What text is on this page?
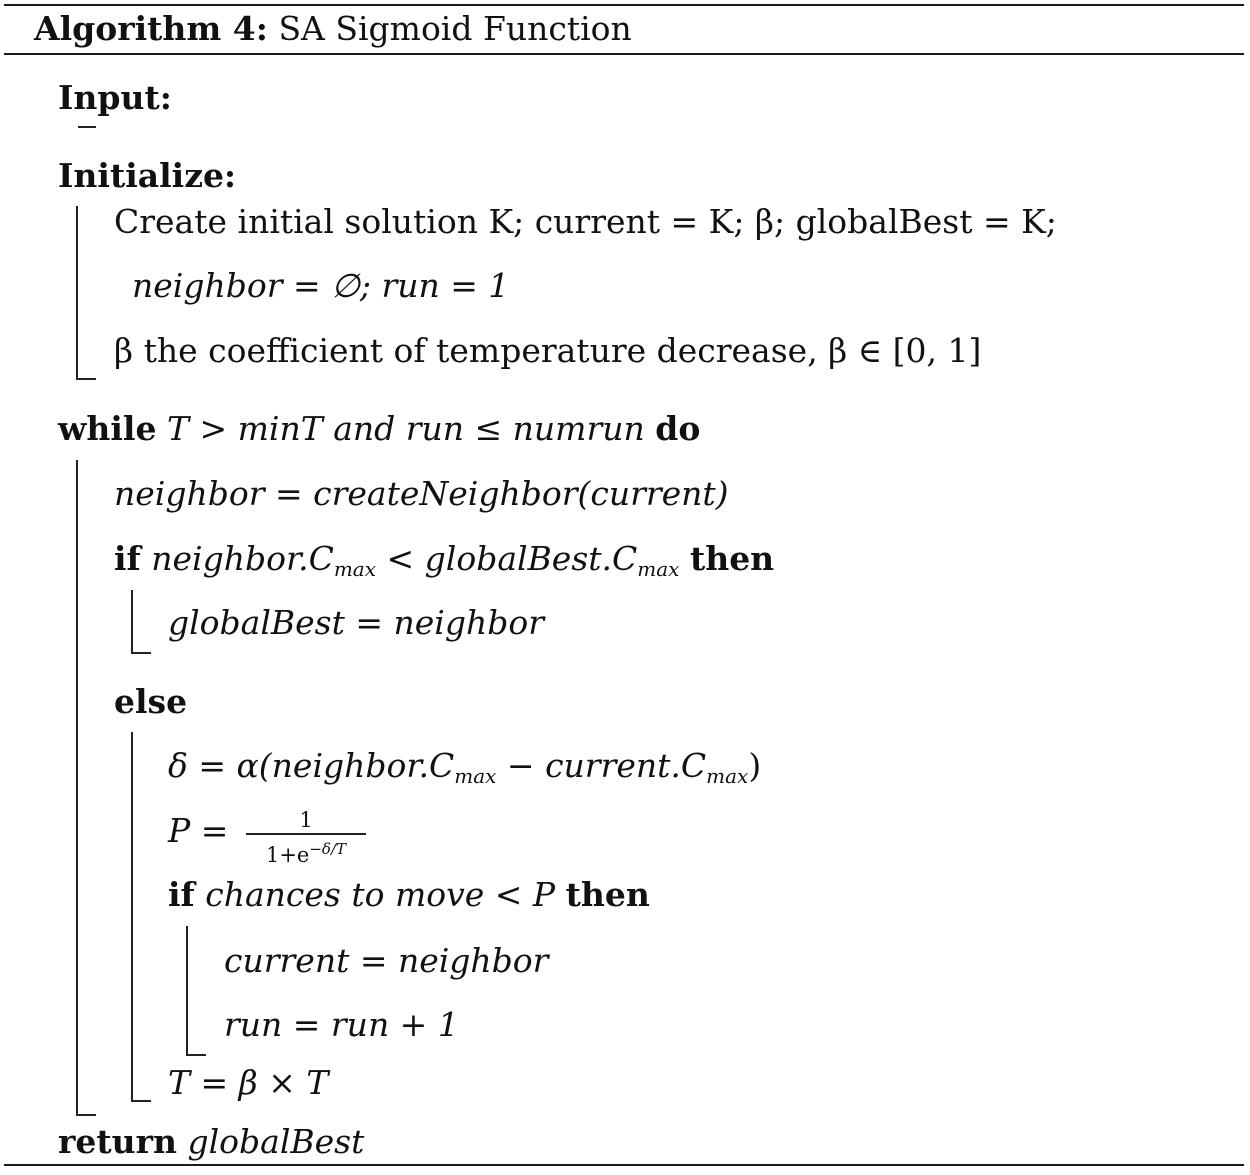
Algorithm 4: SA Sigmoid Function
Input:
Initialize:
Create initial solution K; current = K; β; globalBest = K;
neighbor = ∅; run = 1
β the coefficient of temperature decrease, β ∈ [0, 1]
while T > minT and run ≤ numrun do
neighbor = createNeighbor(current)
if $neighbor.C_{max}$ < $globalBest.C_{max}$ then
globalBest = neighbor
else
$\delta = \alpha(neighbor.C_{max}$ − $current.C_{max}$)
P =	1
$1+e^{-\delta/T}$
if chances to move < P then
current = neighbor
run = run + 1
T = β × T
return globalBest
